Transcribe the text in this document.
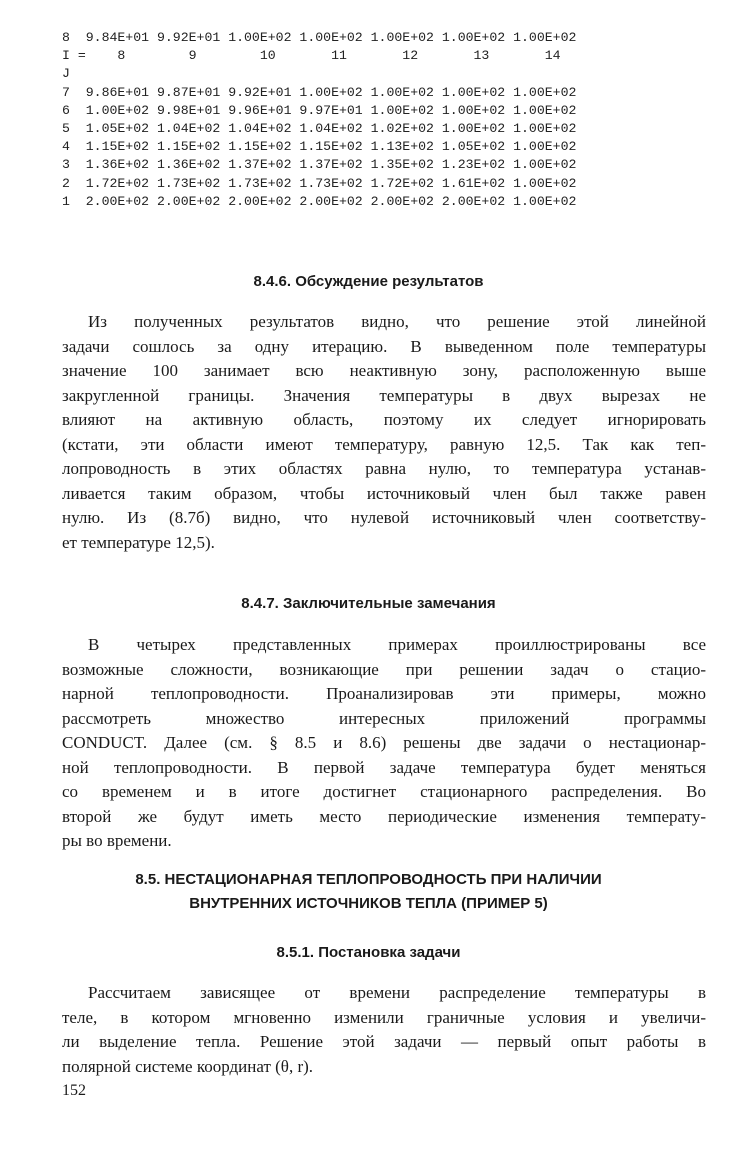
8  9.84E+01 9.92E+01 1.00E+02 1.00E+02 1.00E+02 1.00E+02 1.00E+02
I =    8        9        10       11       12       13       14
J
7  9.86E+01 9.87E+01 9.92E+01 1.00E+02 1.00E+02 1.00E+02 1.00E+02
6  1.00E+02 9.98E+01 9.96E+01 9.97E+01 1.00E+02 1.00E+02 1.00E+02
5  1.05E+02 1.04E+02 1.04E+02 1.04E+02 1.02E+02 1.00E+02 1.00E+02
4  1.15E+02 1.15E+02 1.15E+02 1.15E+02 1.13E+02 1.05E+02 1.00E+02
3  1.36E+02 1.36E+02 1.37E+02 1.37E+02 1.35E+02 1.23E+02 1.00E+02
2  1.72E+02 1.73E+02 1.73E+02 1.73E+02 1.72E+02 1.61E+02 1.00E+02
1  2.00E+02 2.00E+02 2.00E+02 2.00E+02 2.00E+02 2.00E+02 1.00E+02
8.4.6. Обсуждение результатов
Из полученных результатов видно, что решение этой линейной
задачи сошлось за одну итерацию. В выведенном поле температуры
значение 100 занимает всю неактивную зону, расположенную выше
закругленной границы. Значения температуры в двух вырезах не
влияют на активную область, поэтому их следует игнорировать
(кстати, эти области имеют температуру, равную 12,5. Так как теп-
лопроводность в этих областях равна нулю, то температура устанав-
ливается таким образом, чтобы источниковый член был также равен
нулю. Из (8.7б) видно, что нулевой источниковый член соответству-
ет температуре 12,5).
8.4.7. Заключительные замечания
В четырех представленных примерах проиллюстрированы все
возможные сложности, возникающие при решении задач о стацио-
нарной теплопроводности. Проанализировав эти примеры, можно
рассмотреть множество интересных приложений программы
CONDUCT. Далее (см. § 8.5 и 8.6) решены две задачи о нестационар-
ной теплопроводности. В первой задаче температура будет меняться
со временем и в итоге достигнет стационарного распределения. Во
второй же будут иметь место периодические изменения температу-
ры во времени.
8.5. НЕСТАЦИОНАРНАЯ ТЕПЛОПРОВОДНОСТЬ ПРИ НАЛИЧИИ
ВНУТРЕННИХ ИСТОЧНИКОВ ТЕПЛА (ПРИМЕР 5)
8.5.1. Постановка задачи
Рассчитаем зависящее от времени распределение температуры в
теле, в котором мгновенно изменили граничные условия и увеличи-
ли выделение тепла. Решение этой задачи — первый опыт работы в
полярной системе координат (θ, r).
152
